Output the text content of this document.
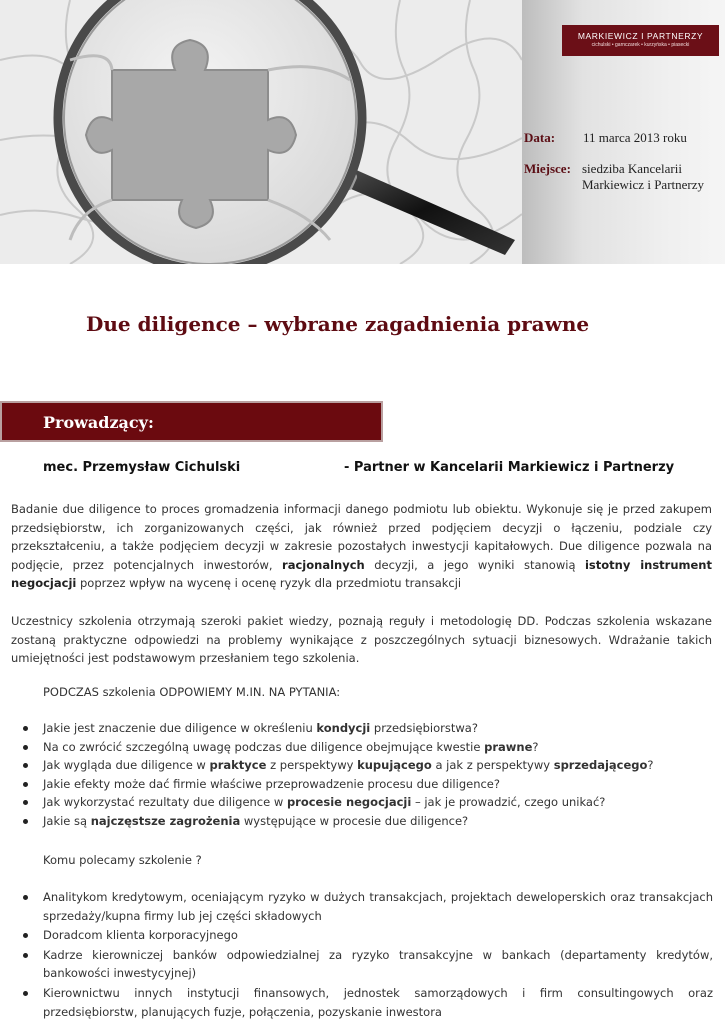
MARKIEWICZ I PARTNERZY
cichulski • garnczarek • kurzyńska • piasecki
Data: 11 marca 2013 roku
Miejsce: siedziba Kancelarii
Markiewicz i Partnerzy
Due diligence – wybrane zagadnienia prawne
Prowadzący:
mec. Przemysław Cichulski	- Partner w Kancelarii Markiewicz i Partnerzy
Badanie due diligence to proces gromadzenia informacji danego podmiotu lub obiektu. Wykonuje się je przed zakupem przedsiębiorstw, ich zorganizowanych części, jak również przed podjęciem decyzji o łączeniu, podziale czy przekształceniu, a także podjęciem decyzji w zakresie pozostałych inwestycji kapitałowych. Due diligence pozwala na podjęcie, przez potencjalnych inwestorów, racjonalnych decyzji, a jego wyniki stanowią istotny instrument negocjacji poprzez wpływ na wycenę i ocenę ryzyk dla przedmiotu transakcji
Uczestnicy szkolenia otrzymają szeroki pakiet wiedzy, poznają reguły i metodologię DD. Podczas szkolenia wskazane zostaną praktyczne odpowiedzi na problemy wynikające z poszczególnych sytuacji biznesowych. Wdrażanie takich umiejętności jest podstawowym przesłaniem tego szkolenia.
PODCZAS szkolenia ODPOWIEMY M.IN. NA PYTANIA:
Jakie jest znaczenie due diligence w określeniu kondycji przedsiębiorstwa?
Na co zwrócić szczególną uwagę podczas due diligence obejmujące kwestie prawne?
Jak wygląda due diligence w praktyce z perspektywy kupującego a jak z perspektywy sprzedającego?
Jakie efekty może dać firmie właściwe przeprowadzenie procesu due diligence?
Jak wykorzystać rezultaty due diligence w procesie negocjacji – jak je prowadzić, czego unikać?
Jakie są najczęstsze zagrożenia występujące w procesie due diligence?
Komu polecamy szkolenie ?
Analitykom kredytowym, oceniającym ryzyko w dużych transakcjach, projektach deweloperskich oraz transakcjach sprzedaży/kupna firmy lub jej części składowych
Doradcom klienta korporacyjnego
Kadrze kierowniczej banków odpowiedzialnej za ryzyko transakcyjne w bankach (departamenty kredytów, bankowości inwestycyjnej)
Kierownictwu innych instytucji finansowych, jednostek samorządowych i firm consultingowych oraz przedsiębiorstw, planujących fuzje, połączenia, pozyskanie inwestora
